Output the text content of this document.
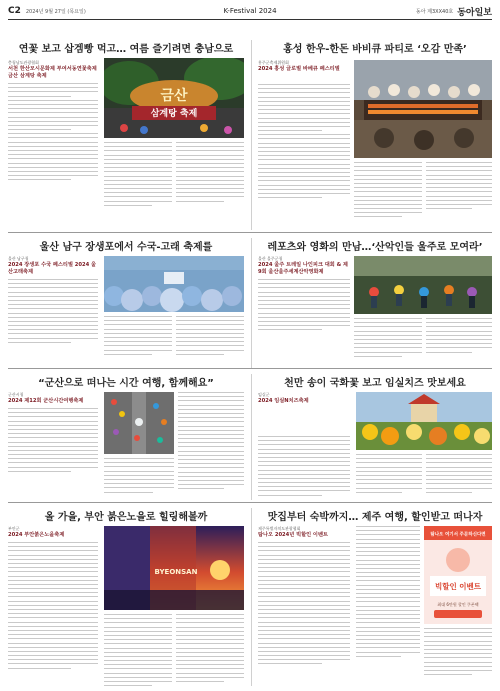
C2 2024년 9월 27일 (목요일)	K-Festival 2024	동아 제3XX40호 동아일보
연꽃 보고 삽겜빵 먹고… 여름 즐기려면 충남으로	홍성 한우-한돈 바비큐 파티로 ‘오감 만족’
충청남도관광협회
서천 한산모시문화제 부여서동연꽃축제 금산 삼계탕 축제
금산
삼계탕 축제
홍주군축제위원회
2024 홍성 글로벌 바베큐 페스티벌
울산 남구 장생포에서 수국-고래 축제를	레포츠와 영화의 만남…‘산악인들 울주로 모여라’
울산 남구청
2024 장생포 수국 페스티벌 2024 울산고래축제
울산 울주군청
2024 울주 트레일 나인피크 대회 & 제9회 울산울주세계산악영화제
“군산으로 떠나는 시간 여행, 함께해요”	천만 송이 국화꽃 보고 임실치즈 맛보세요
군산시청
2024 제12회 군산시간여행축제
임실군
2024 임실N치즈축제
올 가을, 부안 붉은노을로 힐링해볼까	맛집부터 숙박까지… 제주 여행, 할인받고 떠나자
부안군
2024 부안붉은노을축제
BYEONSAN
제주특별자치도관광협회
탐나오 2024년 빅할인 이벤트	탐나오 여기서 주문하신다면
빅할인 이벤트
최대 6만원 할인 쿠폰팩
